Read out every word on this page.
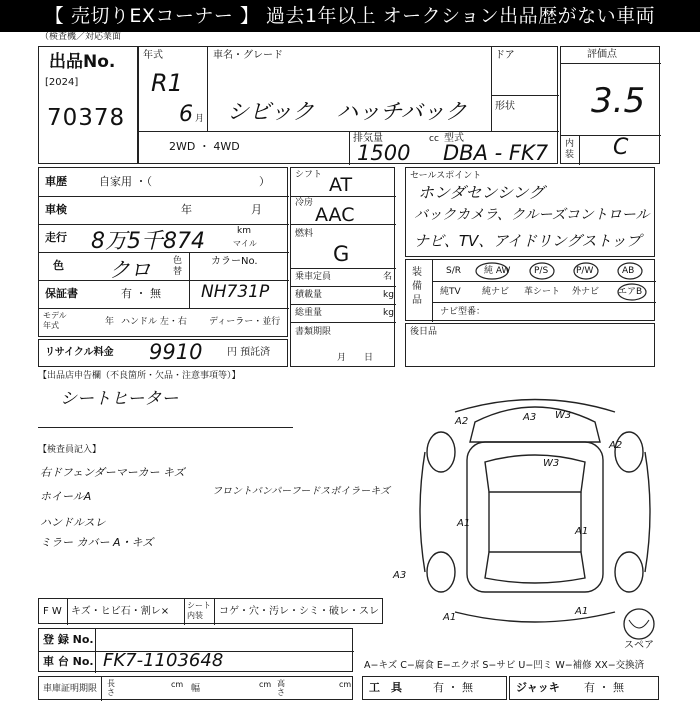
【 売切りEXコーナー 】 過去1年以上 オークション出品歴がない車両
（検査機／対応業面
出品No.
[2024]
70378
年式
R1
6 月
車名・グレード
シビック　ハッチバック
ドア
形状
2WD ・ 4WD
排気量
1500
cc 型式
DBA - FK7
評価点
3.5
内装 C
車歴	自家用 ・（	）
車検	年	月
走行 8万5千874	km
マイル
色 クロ 色替
カラーNo.
NH731P
保証書	有 ・ 無
モデル年式	年 ハンドル 左・右 ディーラー・並行
リサイクル料金 9910 円 預託済
シフト AT
冷房
AAC
燃料
G
乗車定員	名
積載量	kg
総重量	kg
書類期限
月日
セールスポイント
ホンダセンシング
バックカメラ、クルーズコントロール
ナビ、TV、アイドリングストップ
装備品
S/R	純 AW	P/S	P/W	AB
純TV 純ナビ 革シート 外ナビ エアB
ナビ型番：
後日品
【出品店申告欄（不良箇所・欠品・注意事項等）】
シートヒーター
【検査員記入】
右ドフェンダーマーカー キズ
ホイールA
ハンドルスレ
ミラー カバー A・キズ
フロントバンパーフードスポイラーキズ
A2	A3 W3
A2
W3
A1
A1
A3
A1
A1
スペア
F W キズ・ヒビ石・割レ×
シート内装	コゲ・穴・汚レ・シミ・破レ・スレ
登 録 No.
車 台 No. FK7-1103648
車庫証明期限
長さ
cm 幅	cm 高さ
cm
A−キズ C−腐食 E−エクボ S−サビ U−凹ミ W−補修 XX−交換済
工　具	有 ・ 無	ジャッキ 有 ・ 無
